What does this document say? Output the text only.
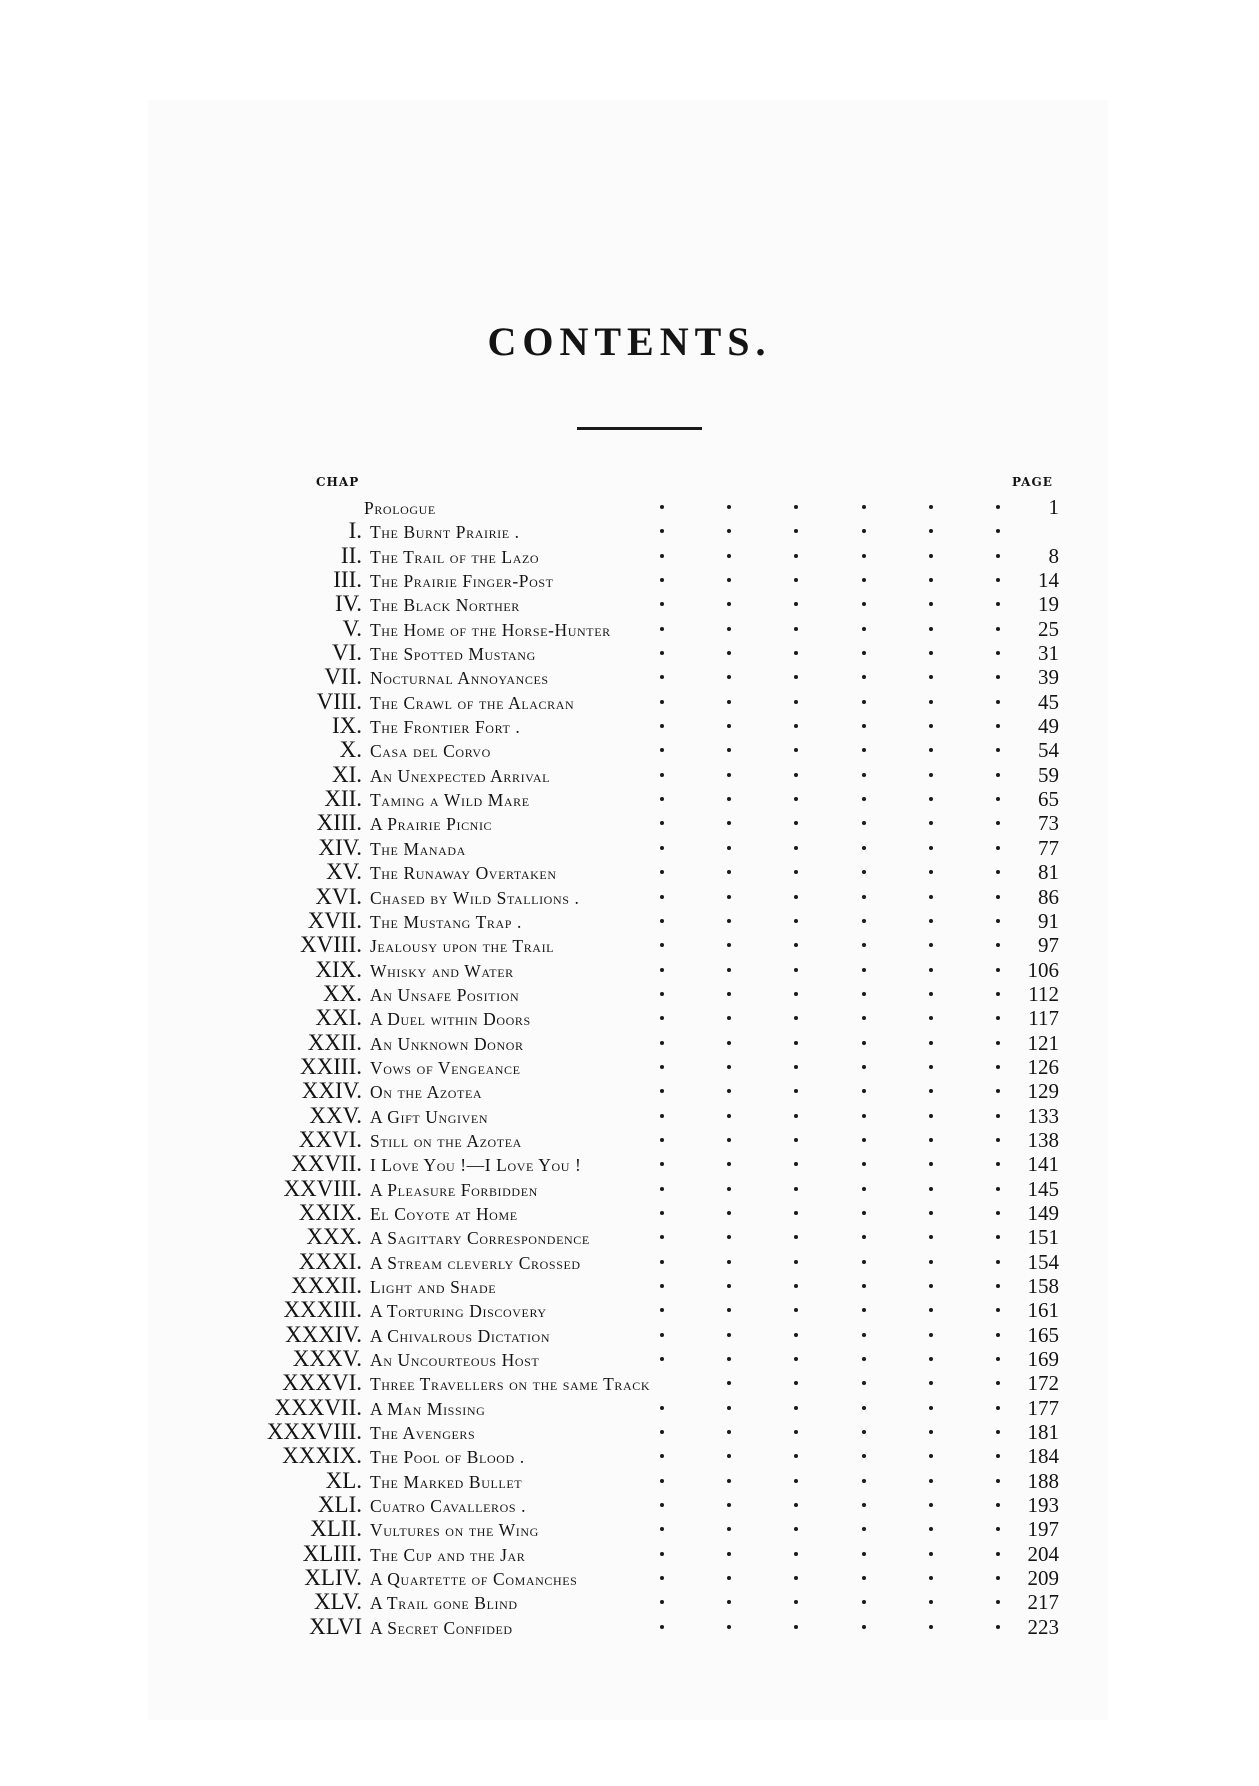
CONTENTS.
CHAP	PAGE
Prologue	1
I. The Burnt Prairie .
II. The Trail of the Lazo	8
III. The Prairie Finger-Post	14
IV. The Black Norther	19
V. The Home of the Horse-Hunter	25
VI. The Spotted Mustang	31
VII. Nocturnal Annoyances	39
VIII. The Crawl of the Alacran	45
IX. The Frontier Fort .	49
X. Casa del Corvo	54
XI. An Unexpected Arrival	59
XII. Taming a Wild Mare	65
XIII. A Prairie Picnic	73
XIV. The Manada	77
XV. The Runaway Overtaken	81
XVI. Chased by Wild Stallions .	86
XVII. The Mustang Trap .	91
XVIII. Jealousy upon the Trail	97
XIX. Whisky and Water	106
XX. An Unsafe Position	112
XXI. A Duel within Doors	117
XXII. An Unknown Donor	121
XXIII. Vows of Vengeance	126
XXIV. On the Azotea	129
XXV. A Gift Ungiven	133
XXVI. Still on the Azotea	138
XXVII. I Love You !—I Love You !	141
XXVIII. A Pleasure Forbidden	145
XXIX. El Coyote at Home	149
XXX. A Sagittary Correspondence	151
XXXI. A Stream cleverly Crossed	154
XXXII. Light and Shade	158
XXXIII. A Torturing Discovery	161
XXXIV. A Chivalrous Dictation	165
XXXV. An Uncourteous Host	169
XXXVI. Three Travellers on the same Track	172
XXXVII. A Man Missing	177
XXXVIII. The Avengers	181
XXXIX. The Pool of Blood .	184
XL. The Marked Bullet	188
XLI. Cuatro Cavalleros .	193
XLII. Vultures on the Wing	197
XLIII. The Cup and the Jar	204
XLIV. A Quartette of Comanches	209
XLV. A Trail gone Blind	217
XLVI A Secret Confided	223
